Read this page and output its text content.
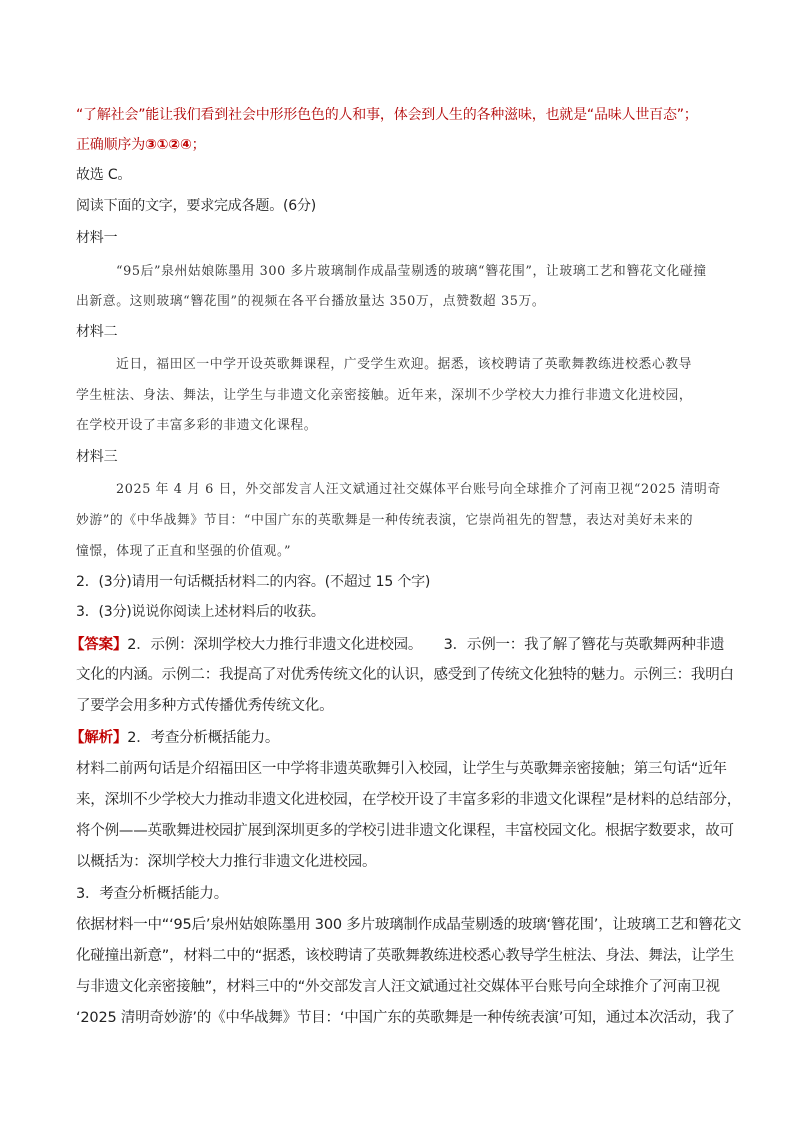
“了解社会”能让我们看到社会中形形色色的人和事，体会到人生的各种滋味，也就是“品味人世百态”；

正确顺序为③①②④；

故选 C。

阅读下面的文字，要求完成各题。(6分)

材料一

“95后”泉州姑娘陈墨用 300 多片玻璃制作成晶莹剔透的玻璃“簪花围”，让玻璃工艺和簪花文化碰撞

出新意。这则玻璃“簪花围”的视频在各平台播放量达 350万，点赞数超 35万。

材料二

近日，福田区一中学开设英歌舞课程，广受学生欢迎。据悉，该校聘请了英歌舞教练进校悉心教导

学生桩法、身法、舞法，让学生与非遗文化亲密接触。近年来，深圳不少学校大力推行非遗文化进校园，

在学校开设了丰富多彩的非遗文化课程。

材料三

2025 年 4 月 6 日，外交部发言人汪文斌通过社交媒体平台账号向全球推介了河南卫视“2025 清明奇

妙游”的《中华战舞》节目：“中国广东的英歌舞是一种传统表演，它崇尚祖先的智慧，表达对美好未来的

憧憬，体现了正直和坚强的价值观。”

2．(3分)请用一句话概括材料二的内容。(不超过 15 个字)

3．(3分)说说你阅读上述材料后的收获。

【答案】2．示例：深圳学校大力推行非遗文化进校园。　　3．示例一：我了解了簪花与英歌舞两种非遗

文化的内涵。示例二：我提高了对优秀传统文化的认识，感受到了传统文化独特的魅力。示例三：我明白

了要学会用多种方式传播优秀传统文化。

【解析】2．考查分析概括能力。

材料二前两句话是介绍福田区一中学将非遗英歌舞引入校园，让学生与英歌舞亲密接触；第三句话“近年

来，深圳不少学校大力推动非遗文化进校园，在学校开设了丰富多彩的非遗文化课程”是材料的总结部分，

将个例——英歌舞进校园扩展到深圳更多的学校引进非遗文化课程，丰富校园文化。根据字数要求，故可

以概括为：深圳学校大力推行非遗文化进校园。

3．考查分析概括能力。

依据材料一中“‘95后’泉州姑娘陈墨用 300 多片玻璃制作成晶莹剔透的玻璃‘簪花围’，让玻璃工艺和簪花文

化碰撞出新意”，材料二中的“据悉，该校聘请了英歌舞教练进校悉心教导学生桩法、身法、舞法，让学生

与非遗文化亲密接触”，材料三中的“外交部发言人汪文斌通过社交媒体平台账号向全球推介了河南卫视

‘2025 清明奇妙游’的《中华战舞》节目：‘中国广东的英歌舞是一种传统表演’可知，通过本次活动，我了
